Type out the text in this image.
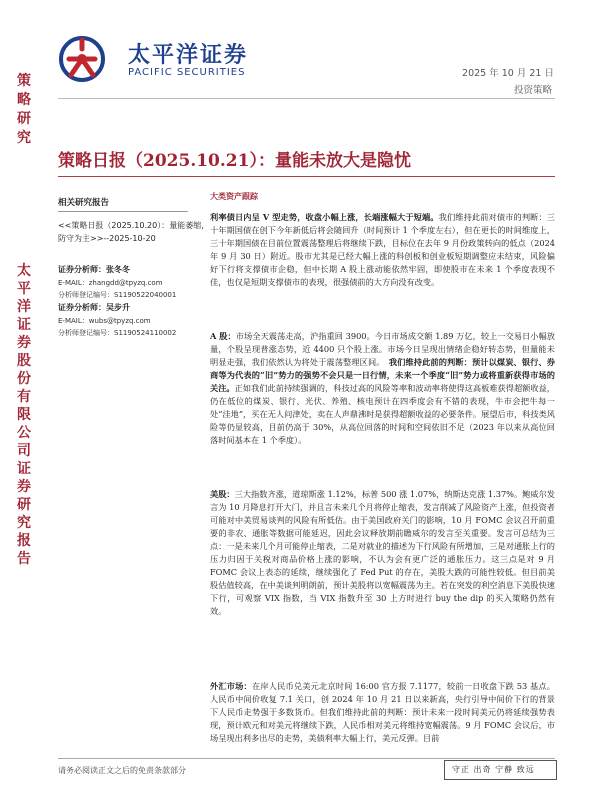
太平洋证券
PACIFIC SECURITIES	2025 年 10 月 21 日
投资策略
策
略
研
究
太
平
洋
证
券
股
份
有
限
公
司
证
券
研
究
报
告
策略日报（2025.10.21）：量能未放大是隐忧
相关研究报告
<<策略日报（2025.10.20）：量能萎缩，防守为主>>--2025-10-20
证券分析师：张冬冬
E-MAIL：zhangdd@tpyzq.com
分析师登记编号：S1190522040001
证券分析师：吴步升
E-MAIL：wubs@tpyzq.com
分析师登记编号：S1190524110002
大类资产跟踪
利率债日内呈 V 型走势，收盘小幅上涨，长端涨幅大于短端。我们维持此前对债市的判断：三十年期国债在创下今年新低后将会随回升（时间预计 1 个季度左右），但在更长的时间维度上，三十年期国债在目前位置震荡整理后将继续下跌，目标位在去年 9 月份政策转向的低点（2024 年 9 月 30 日）附近。股市尤其是已经大幅上涨的科创板和创业板短期调整应未结束，风险偏好下行将支撑债市企稳，但中长期 A 股上涨动能依然牢固，即使股市在未来 1 个季度表现不佳，也仅是短期支撑债市的表现，很强债前的大方向没有改变。
A 股：市场全天震荡走高，沪指重回 3900。今日市场成交额 1.89 万亿，较上一交易日小幅放量，个股呈现普涨态势，近 4400 只个股上涨。市场今日呈现出情绪企稳好转态势，但量能未明显走强，我们依然认为将处于震荡整理区间。　 我们维持此前的判断：预计以煤炭、银行、券商等为代表的“旧”势力的强势不会只是一日行情，未来一个季度“旧”势力或将重新获得市场的关注。正如我们此前持续强调的，科技过高的风险等率和波动率将使得这高板难获得超额收益，仍在低位的煤炭、银行、光伏、养殖、核电预计在四季度会有不错的表现，牛市会把牛每一处“洼地”，买在无人问津处，卖在人声鼎沸时是获得超额收益的必要条件。展望后市，科技类风险等仍显较高，目前仍高于 30%，从高位回落的时间和空间依旧不足（2023 年以来从高位回落时间基本在 1 个季度）。
美股：三大指数齐涨，道琼斯涨 1.12%，标普 500 涨 1.07%，纳斯达克涨 1.37%。鲍威尔发言为 10 月降息打开大门，并且言未来几个月将停止缩表，发言削减了风险资产上涨，但投资者可能对中美贸易谈判的风险有所低估。由于美国政府关门的影响，10 月 FOMC 会议召开前重要的非农、通胀等数据可能延迟，因此会议释放期前瞻威尔的发言至关重要。发言可总结为三点：一是未来几个月可能停止缩表，二是对就业的描述为下行风险有所增加，三是对通胀上行的压力归因于关税对商品价格上涨的影响，不认为会有更广泛的通胀压力。这三点是对 9 月 FOMC 会议上表态的延续，继续强化了 Fed Put 的存在，美股大跌的可能性较低。但目前美股估值较高，在中美谈判明朗前，预计美股将以宽幅震荡为主。若在突发的利空消息下美股快速下行，可观察 VIX 指数，当 VIX 指数升至 30 上方时进行 buy the dip 的买入策略仍然有效。
外汇市场：在岸人民币兑美元北京时间 16:00 官方报 7.1177，较前一日收盘下跌 53 基点。人民币中间价收复 7.1 关口，创 2024 年 10 月 21 日以来新高，央行引导中间价下行的背景下人民币走势强于多数货币。但我们维持此前的判断：预计未来一段时间美元仍将延续强势表现，预计欧元和对美元将继续下跌，人民币相对美元将维持宽幅震荡。9 月 FOMC 会议后，市场呈现出利多出尽的走势，美债利率大幅上行，美元反弹。目前
请务必阅读正文之后的免责条款部分	守正 出奇 宁静 致远
